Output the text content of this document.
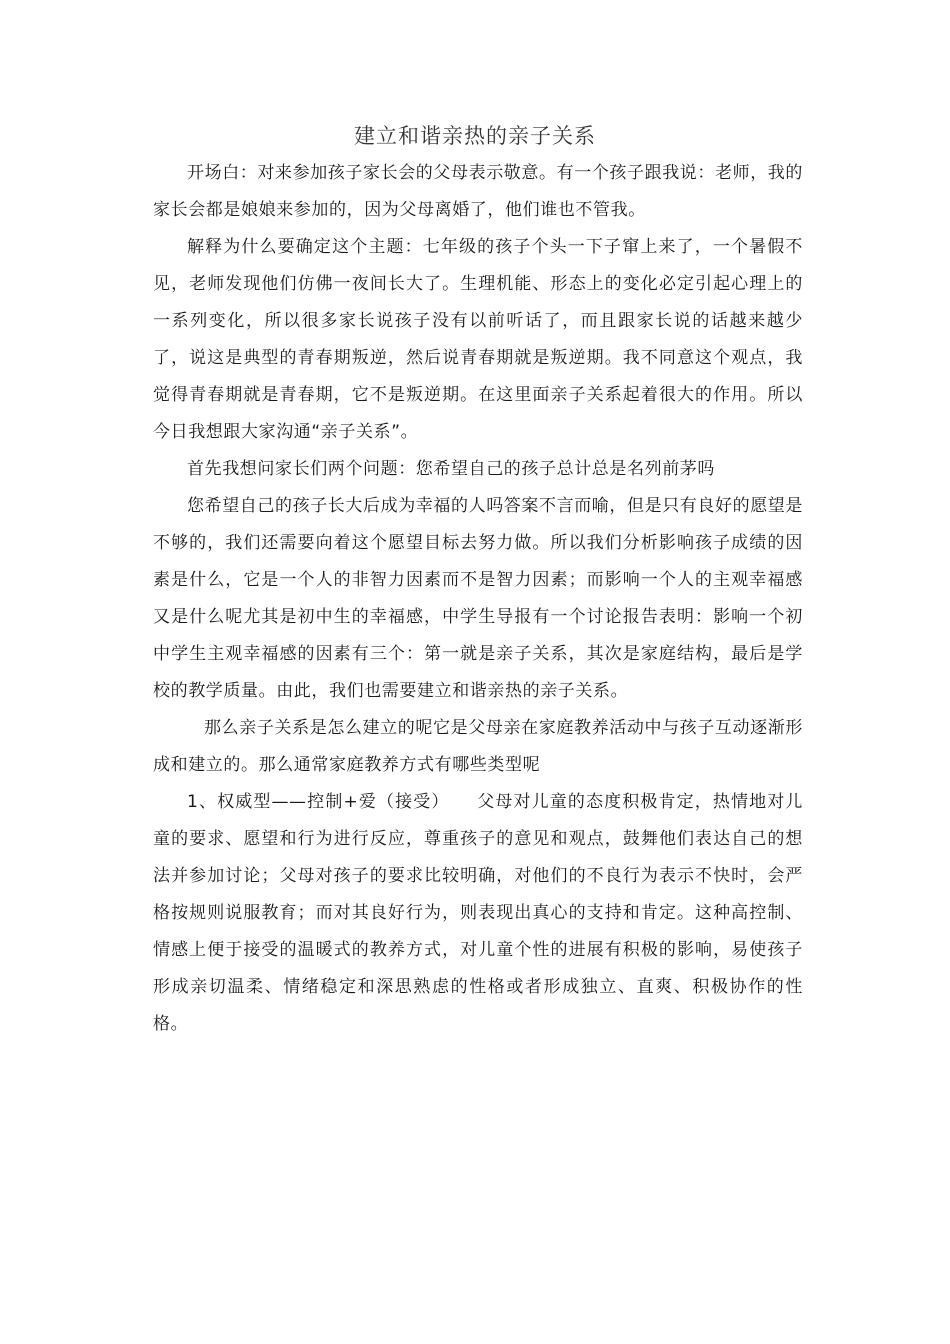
建立和谐亲热的亲子关系

开场白：对来参加孩子家长会的父母表示敬意。有一个孩子跟我说：老师，我的家长会都是娘娘来参加的，因为父母离婚了，他们谁也不管我。

解释为什么要确定这个主题：七年级的孩子个头一下子窜上来了，一个暑假不见，老师发现他们仿佛一夜间长大了。生理机能、形态上的变化必定引起心理上的一系列变化，所以很多家长说孩子没有以前听话了，而且跟家长说的话越来越少了，说这是典型的青春期叛逆，然后说青春期就是叛逆期。我不同意这个观点，我觉得青春期就是青春期，它不是叛逆期。在这里面亲子关系起着很大的作用。所以今日我想跟大家沟通“亲子关系”。

首先我想问家长们两个问题：您希望自己的孩子总计总是名列前茅吗

您希望自己的孩子长大后成为幸福的人吗答案不言而喻，但是只有良好的愿望是不够的，我们还需要向着这个愿望目标去努力做。所以我们分析影响孩子成绩的因素是什么，它是一个人的非智力因素而不是智力因素；而影响一个人的主观幸福感又是什么呢尤其是初中生的幸福感，中学生导报有一个讨论报告表明：影响一个初中学生主观幸福感的因素有三个：第一就是亲子关系，其次是家庭结构，最后是学校的教学质量。由此，我们也需要建立和谐亲热的亲子关系。

那么亲子关系是怎么建立的呢它是父母亲在家庭教养活动中与孩子互动逐渐形成和建立的。那么通常家庭教养方式有哪些类型呢

1、权威型——控制+爱（接受）　　父母对儿童的态度积极肯定，热情地对儿童的要求、愿望和行为进行反应，尊重孩子的意见和观点，鼓舞他们表达自己的想法并参加讨论；父母对孩子的要求比较明确，对他们的不良行为表示不快时，会严格按规则说服教育；而对其良好行为，则表现出真心的支持和肯定。这种高控制、情感上便于接受的温暖式的教养方式，对儿童个性的进展有积极的影响，易使孩子形成亲切温柔、情绪稳定和深思熟虑的性格或者形成独立、直爽、积极协作的性格。
